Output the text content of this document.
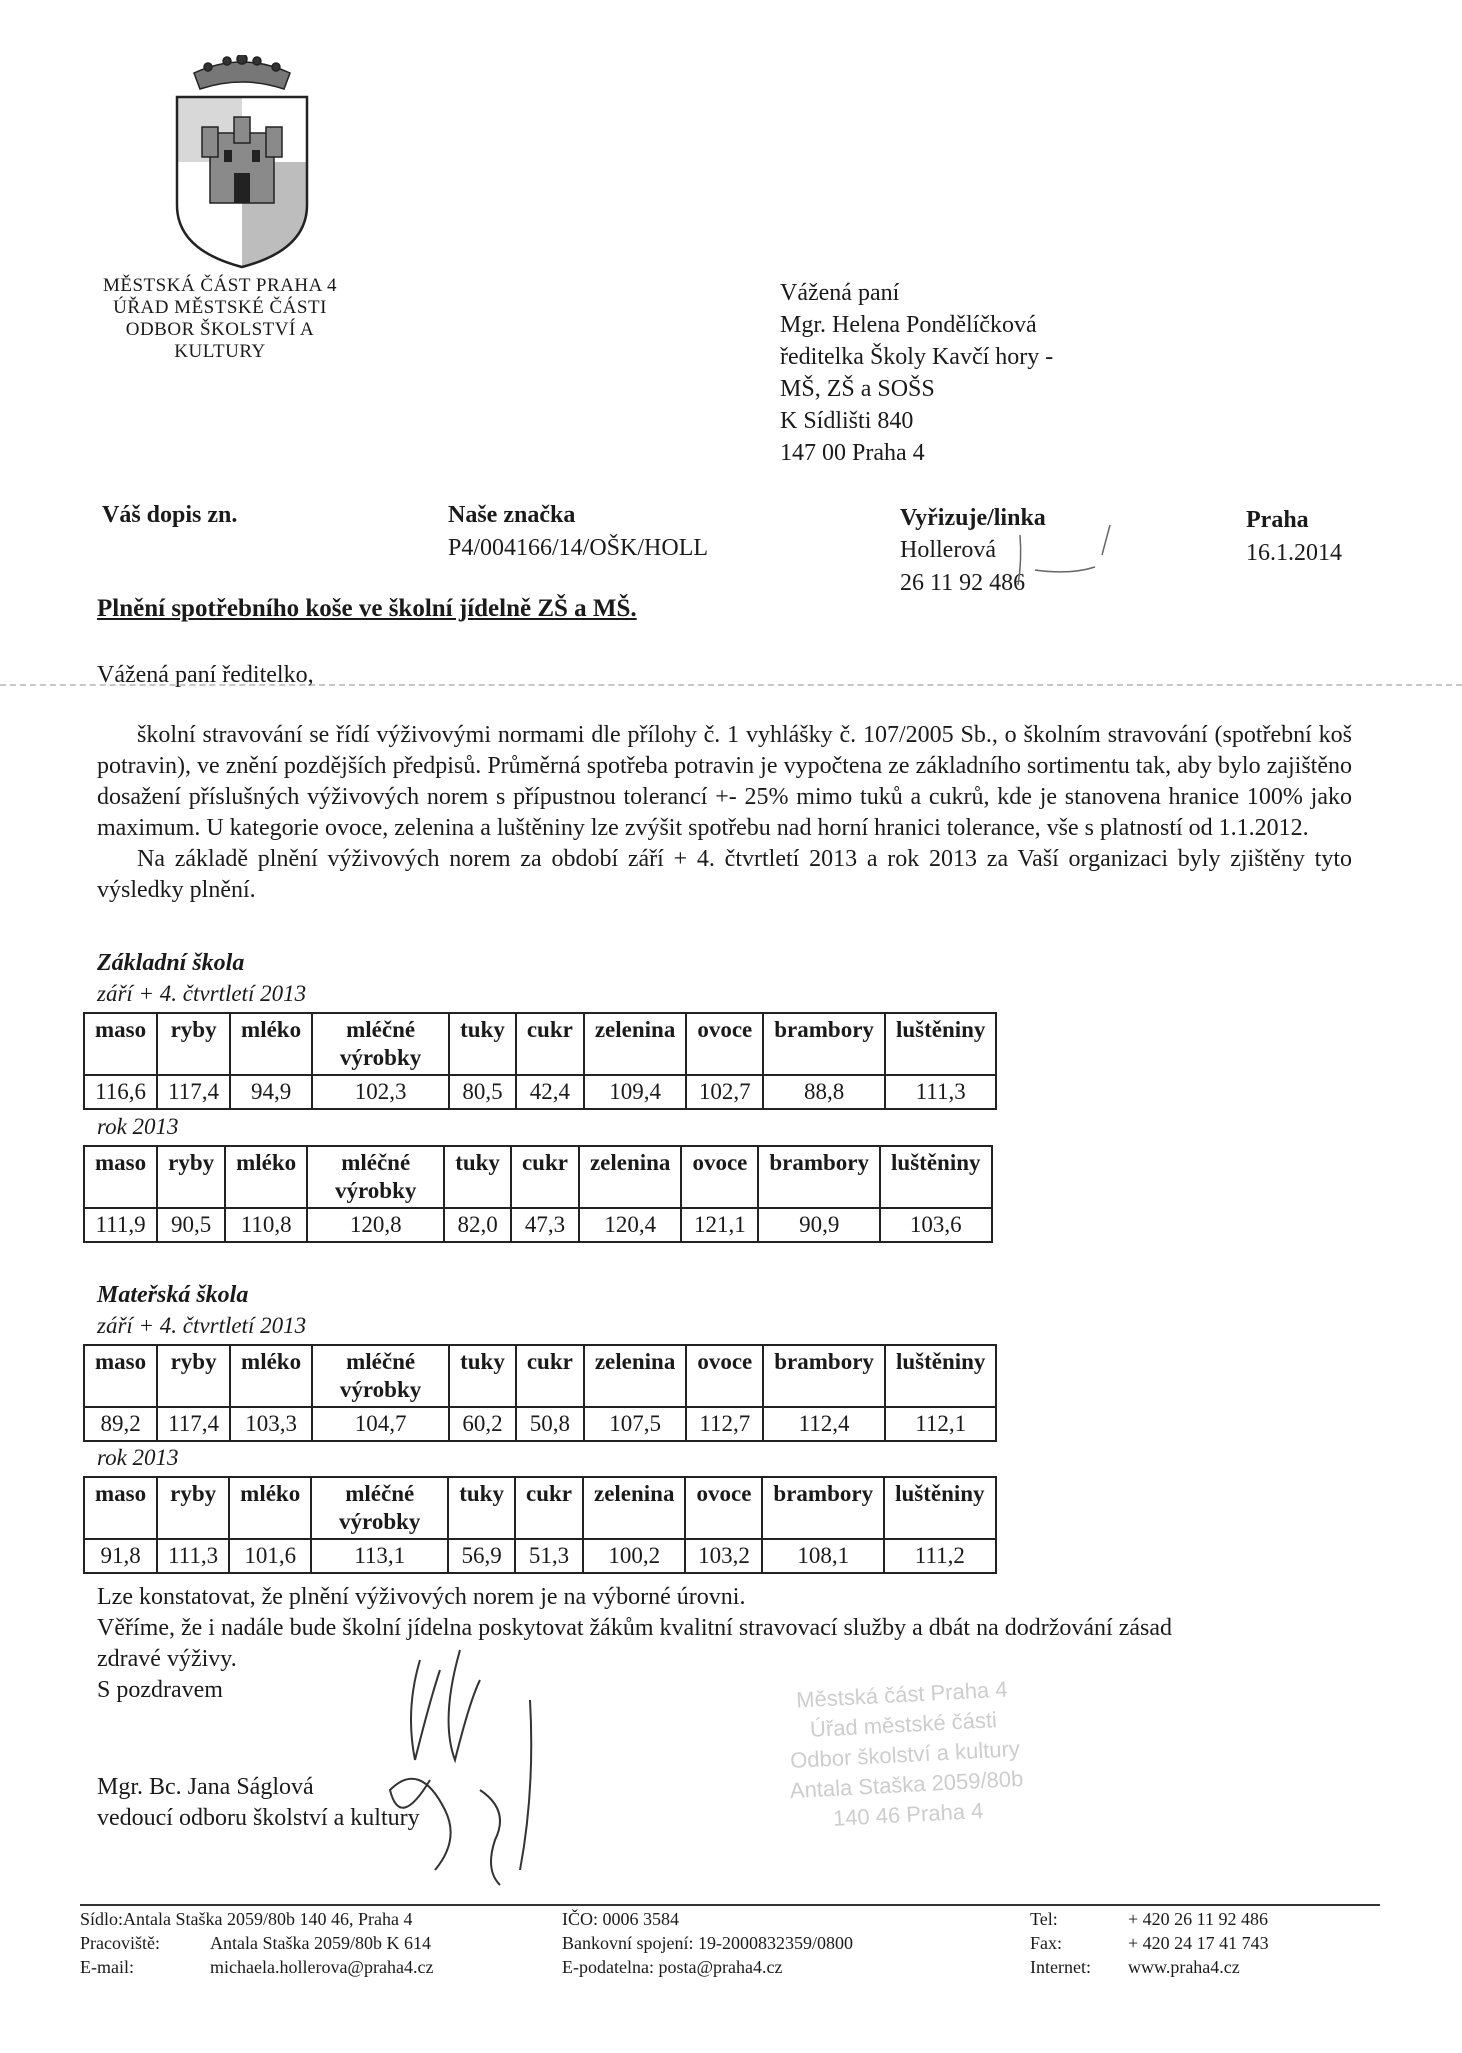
MĚSTSKÁ ČÁST PRAHA 4
ÚŘAD MĚSTSKÉ ČÁSTI
ODBOR ŠKOLSTVÍ A
KULTURY
Vážená paní
Mgr. Helena Pondělíčková
ředitelka Školy Kavčí hory -
MŠ, ZŠ a SOŠS
K Sídlišti 840
147 00 Praha 4
Váš dopis zn.	Naše značka
P4/004166/14/OŠK/HOLL
Vyřizuje/linka
Hollerová
26 11 92 486
Praha
16.1.2014
Plnění spotřebního koše ve školní jídelně ZŠ a MŠ.
Vážená paní ředitelko,

školní stravování se řídí výživovými normami dle přílohy č. 1 vyhlášky č. 107/2005 Sb., o školním stravování (spotřební koš potravin), ve znění pozdějších předpisů. Průměrná spotřeba potravin je vypočtena ze základního sortimentu tak, aby bylo zajištěno dosažení příslušných výživových norem s přípustnou tolerancí +- 25% mimo tuků a cukrů, kde je stanovena hranice 100% jako maximum. U kategorie ovoce, zelenina a luštěniny lze zvýšit spotřebu nad horní hranici tolerance, vše s platností od 1.1.2012.

Na základě plnění výživových norem za období září + 4. čtvrtletí 2013 a rok 2013 za Vaší organizaci byly zjištěny tyto výsledky plnění.

Základní škola
září + 4. čtvrtletí 2013
maso	ryby	mléko	mléčné výrobky	tuky	cukr	zelenina	ovoce	brambory	luštěniny
116,6	117,4	94,9	102,3	80,5	42,4	109,4	102,7	88,8	111,3
rok 2013
maso	ryby	mléko	mléčné výrobky	tuky	cukr	zelenina	ovoce	brambory	luštěniny
111,9	90,5	110,8	120,8	82,0	47,3	120,4	121,1	90,9	103,6
Mateřská škola
září + 4. čtvrtletí 2013
maso	ryby	mléko	mléčné výrobky	tuky	cukr	zelenina	ovoce	brambory	luštěniny
89,2	117,4	103,3	104,7	60,2	50,8	107,5	112,7	112,4	112,1
rok 2013
maso	ryby	mléko	mléčné výrobky	tuky	cukr	zelenina	ovoce	brambory	luštěniny
91,8	111,3	101,6	113,1	56,9	51,3	100,2	103,2	108,1	111,2
Lze konstatovat, že plnění výživových norem je na výborné úrovni.
Věříme, že i nadále bude školní jídelna poskytovat žákům kvalitní stravovací služby a dbát na dodržování zásad
zdravé výživy.
S pozdravem
Mgr. Bc. Jana Ságlová
vedoucí odboru školství a kultury
Městská část Praha 4
Úřad městské části
Odbor školství a kultury
Antala Staška 2059/80b
140 46 Praha 4
Sídlo:Antala Staška 2059/80b 140 46, Praha 4
Pracoviště:	Antala Staška 2059/80b K 614
E-mail:	michaela.hollerova@praha4.cz
IČO: 0006 3584
Bankovní spojení: 19-2000832359/0800
E-podatelna: posta@praha4.cz
Tel:	+ 420 26 11 92 486
Fax:	+ 420 24 17 41 743
Internet: www.praha4.cz
